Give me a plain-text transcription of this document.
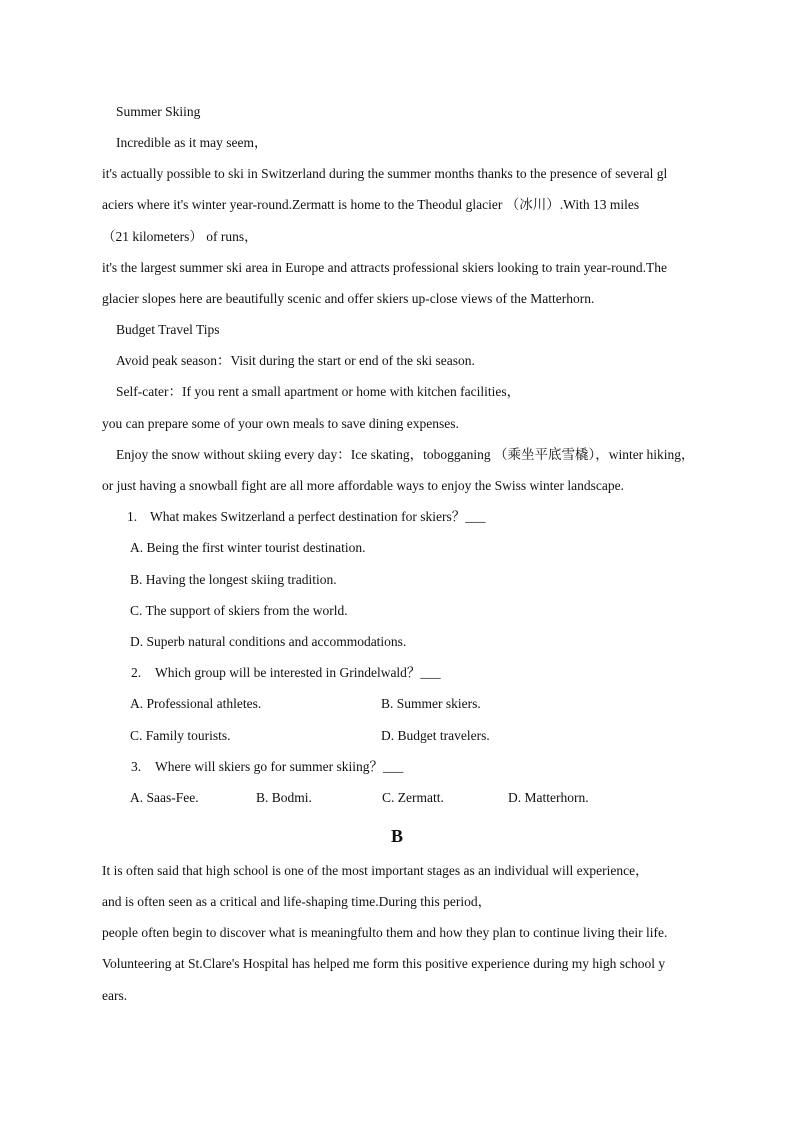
Summer Skiing

Incredible as it may seem，

it's actually possible to ski in Switzerland during the summer months thanks to the presence of several gl

aciers where it's winter year-round.Zermatt is home to the Theodul glacier （冰川）.With 13 miles

（21 kilometers） of runs，

it's the largest summer ski area in Europe and attracts professional skiers looking to train year-round.The

glacier slopes here are beautifully scenic and offer skiers up-close views of the Matterhorn.

Budget Travel Tips

Avoid peak season：Visit during the start or end of the ski season.

Self-cater：If you rent a small apartment or home with kitchen facilities，

you can prepare some of your own meals to save dining expenses.

Enjoy the snow without skiing every day：Ice skating，tobogganing （乘坐平底雪橇），winter hiking，

or just having a snowball fight are all more affordable ways to enjoy the Swiss winter landscape.

1. What makes Switzerland a perfect destination for skiers？___

A. Being the first winter tourist destination.
B. Having the longest skiing tradition.
C. The support of skiers from the world.
D. Superb natural conditions and accommodations.

2. Which group will be interested in Grindelwald？___

A. Professional athletes.	B. Summer skiers.
C. Family tourists.	D. Budget travelers.

3. Where will skiers go for summer skiing？___

A. Saas-Fee.	B. Bodmi.	C. Zermatt.	D. Matterhorn.
B

It is often said that high school is one of the most important stages as an individual will experience，

and is often seen as a critical and life-shaping time.During this period，

people often begin to discover what is meaningfulto them and how they plan to continue living their life.

Volunteering at St.Clare's Hospital has helped me form this positive experience during my high school y

ears.
